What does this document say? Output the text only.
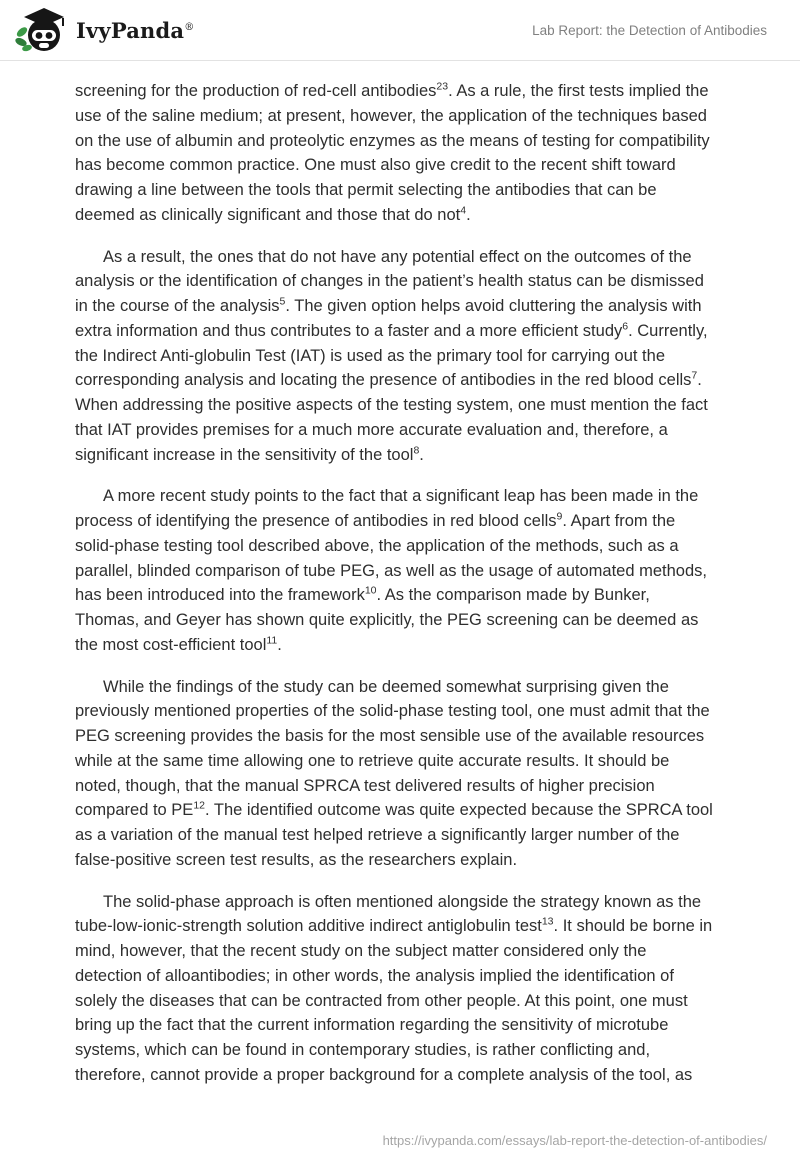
IvyPanda®	Lab Report: the Detection of Antibodies

screening for the production of red-cell antibodies$^{23}$. As a rule, the first tests implied the use of the saline medium; at present, however, the application of the techniques based on the use of albumin and proteolytic enzymes as the means of testing for compatibility has become common practice. One must also give credit to the recent shift toward drawing a line between the tools that permit selecting the antibodies that can be deemed as clinically significant and those that do not$^4$.

As a result, the ones that do not have any potential effect on the outcomes of the analysis or the identification of changes in the patient’s health status can be dismissed in the course of the analysis$^5$. The given option helps avoid cluttering the analysis with extra information and thus contributes to a faster and a more efficient study$^6$. Currently, the Indirect Anti-globulin Test (IAT) is used as the primary tool for carrying out the corresponding analysis and locating the presence of antibodies in the red blood cells$^7$. When addressing the positive aspects of the testing system, one must mention the fact that IAT provides premises for a much more accurate evaluation and, therefore, a significant increase in the sensitivity of the tool$^8$.

A more recent study points to the fact that a significant leap has been made in the process of identifying the presence of antibodies in red blood cells$^9$. Apart from the solid-phase testing tool described above, the application of the methods, such as a parallel, blinded comparison of tube PEG, as well as the usage of automated methods, has been introduced into the framework$^{10}$. As the comparison made by Bunker, Thomas, and Geyer has shown quite explicitly, the PEG screening can be deemed as the most cost-efficient tool$^{11}$.

While the findings of the study can be deemed somewhat surprising given the previously mentioned properties of the solid-phase testing tool, one must admit that the PEG screening provides the basis for the most sensible use of the available resources while at the same time allowing one to retrieve quite accurate results. It should be noted, though, that the manual SPRCA test delivered results of higher precision compared to PE$^{12}$. The identified outcome was quite expected because the SPRCA tool as a variation of the manual test helped retrieve a significantly larger number of the false-positive screen test results, as the researchers explain.

The solid-phase approach is often mentioned alongside the strategy known as the tube-low-ionic-strength solution additive indirect antiglobulin test$^{13}$. It should be borne in mind, however, that the recent study on the subject matter considered only the detection of alloantibodies; in other words, the analysis implied the identification of solely the diseases that can be contracted from other people. At this point, one must bring up the fact that the current information regarding the sensitivity of microtube systems, which can be found in contemporary studies, is rather conflicting and, therefore, cannot provide a proper background for a complete analysis of the tool, as

https://ivypanda.com/essays/lab-report-the-detection-of-antibodies/
